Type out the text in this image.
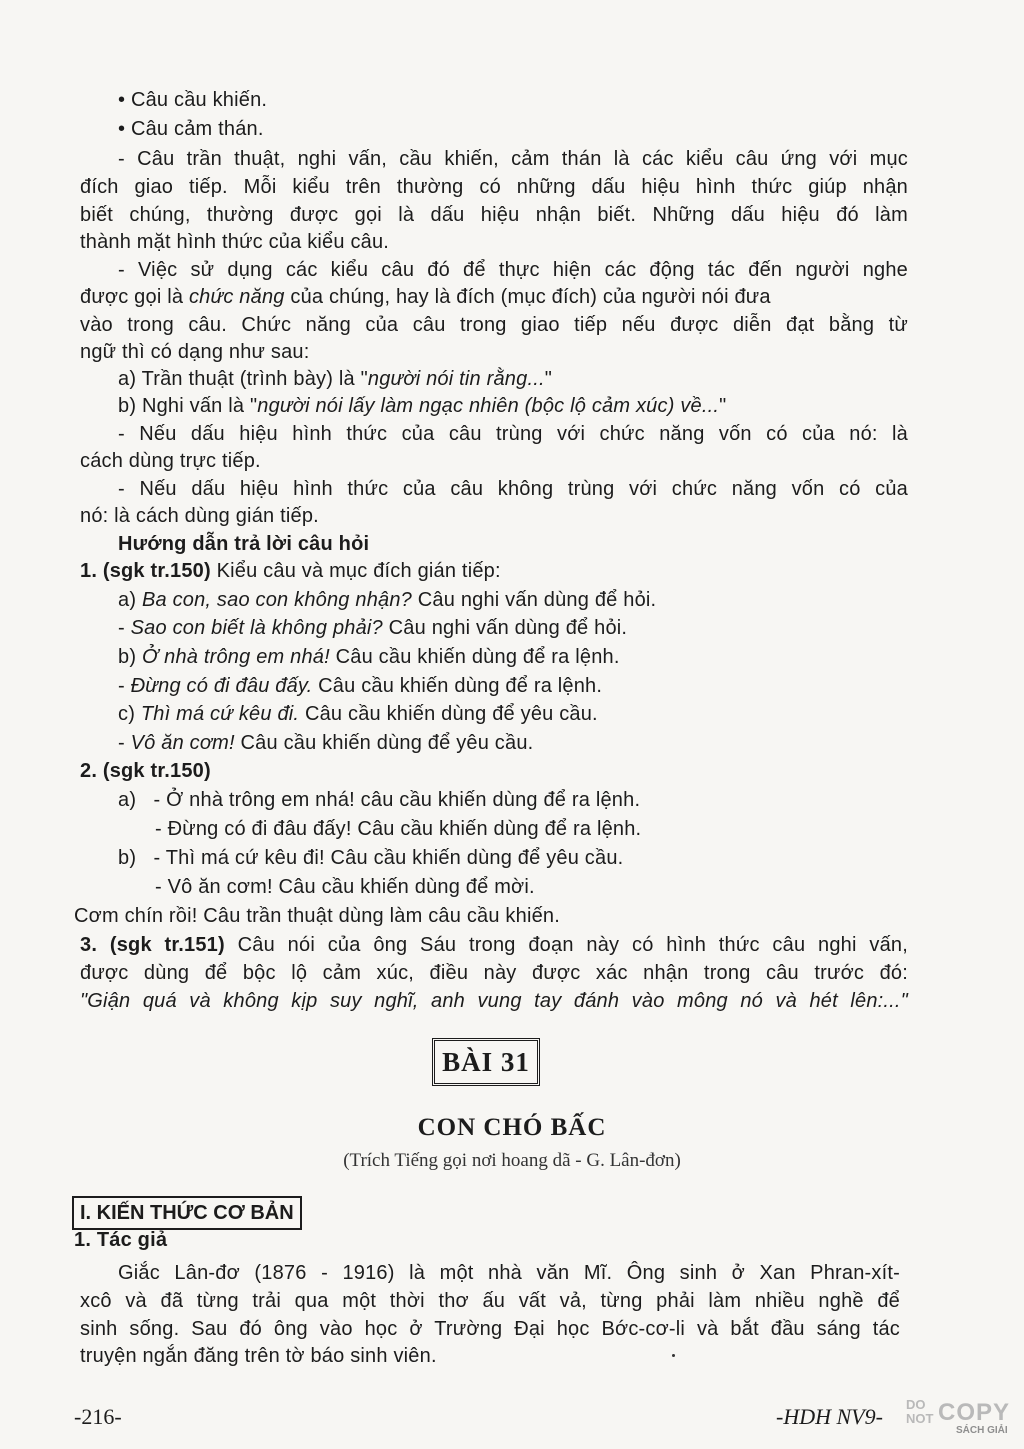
• Câu cầu khiến.
• Câu cảm thán.
- Câu trần thuật, nghi vấn, cầu khiến, cảm thán là các kiểu câu ứng với mục
đích giao tiếp. Mỗi kiểu trên thường có những dấu hiệu hình thức giúp nhận
biết chúng, thường được gọi là dấu hiệu nhận biết. Những dấu hiệu đó làm
thành mặt hình thức của kiểu câu.
- Việc sử dụng các kiểu câu đó để thực hiện các động tác đến người nghe
được gọi là chức năng của chúng, hay là đích (mục đích) của người nói đưa
vào trong câu. Chức năng của câu trong giao tiếp nếu được diễn đạt bằng từ
ngữ thì có dạng như sau:
a) Trần thuật (trình bày) là "người nói tin rằng..."
b) Nghi vấn là "người nói lấy làm ngạc nhiên (bộc lộ cảm xúc) về..."
- Nếu dấu hiệu hình thức của câu trùng với chức năng vốn có của nó: là
cách dùng trực tiếp.
- Nếu dấu hiệu hình thức của câu không trùng với chức năng vốn có của
nó: là cách dùng gián tiếp.
Hướng dẫn trả lời câu hỏi
1. (sgk tr.150) Kiểu câu và mục đích gián tiếp:
a) Ba con, sao con không nhận? Câu nghi vấn dùng để hỏi.
- Sao con biết là không phải? Câu nghi vấn dùng để hỏi.
b) Ở nhà trông em nhá! Câu cầu khiến dùng để ra lệnh.
- Đừng có đi đâu đấy. Câu cầu khiến dùng để ra lệnh.
c) Thì má cứ kêu đi. Câu cầu khiến dùng để yêu cầu.
- Vô ăn cơm! Câu cầu khiến dùng để yêu cầu.
2. (sgk tr.150)
a)   - Ở nhà trông em nhá! câu cầu khiến dùng để ra lệnh.
- Đừng có đi đâu đấy! Câu cầu khiến dùng để ra lệnh.
b)   - Thì má cứ kêu đi! Câu cầu khiến dùng để yêu cầu.
- Vô ăn cơm! Câu cầu khiến dùng để mời.
Cơm chín rồi! Câu trần thuật dùng làm câu cầu khiến.
3. (sgk tr.151) Câu nói của ông Sáu trong đoạn này có hình thức câu nghi vấn,
được dùng để bộc lộ cảm xúc, điều này được xác nhận trong câu trước đó:
"Giận quá và không kịp suy nghĩ, anh vung tay đánh vào mông nó và hét lên:..."
BÀI 31
CON CHÓ BẤC
(Trích Tiếng gọi nơi hoang dã - G. Lân-đơn)
I. KIẾN THỨC CƠ BẢN
1. Tác giả
Giắc Lân-đơ (1876 - 1916) là một nhà văn Mĩ. Ông sinh ở Xan Phran-xít-
xcô và đã từng trải qua một thời thơ ấu vất vả, từng phải làm nhiều nghề để
sinh sống. Sau đó ông vào học ở Trường Đại học Bớc-cơ-li và bắt đầu sáng tác
truyện ngắn đăng trên tờ báo sinh viên.
-216-	-HDH NV9- DO
NOT COPY
SÁCH GIẢI
